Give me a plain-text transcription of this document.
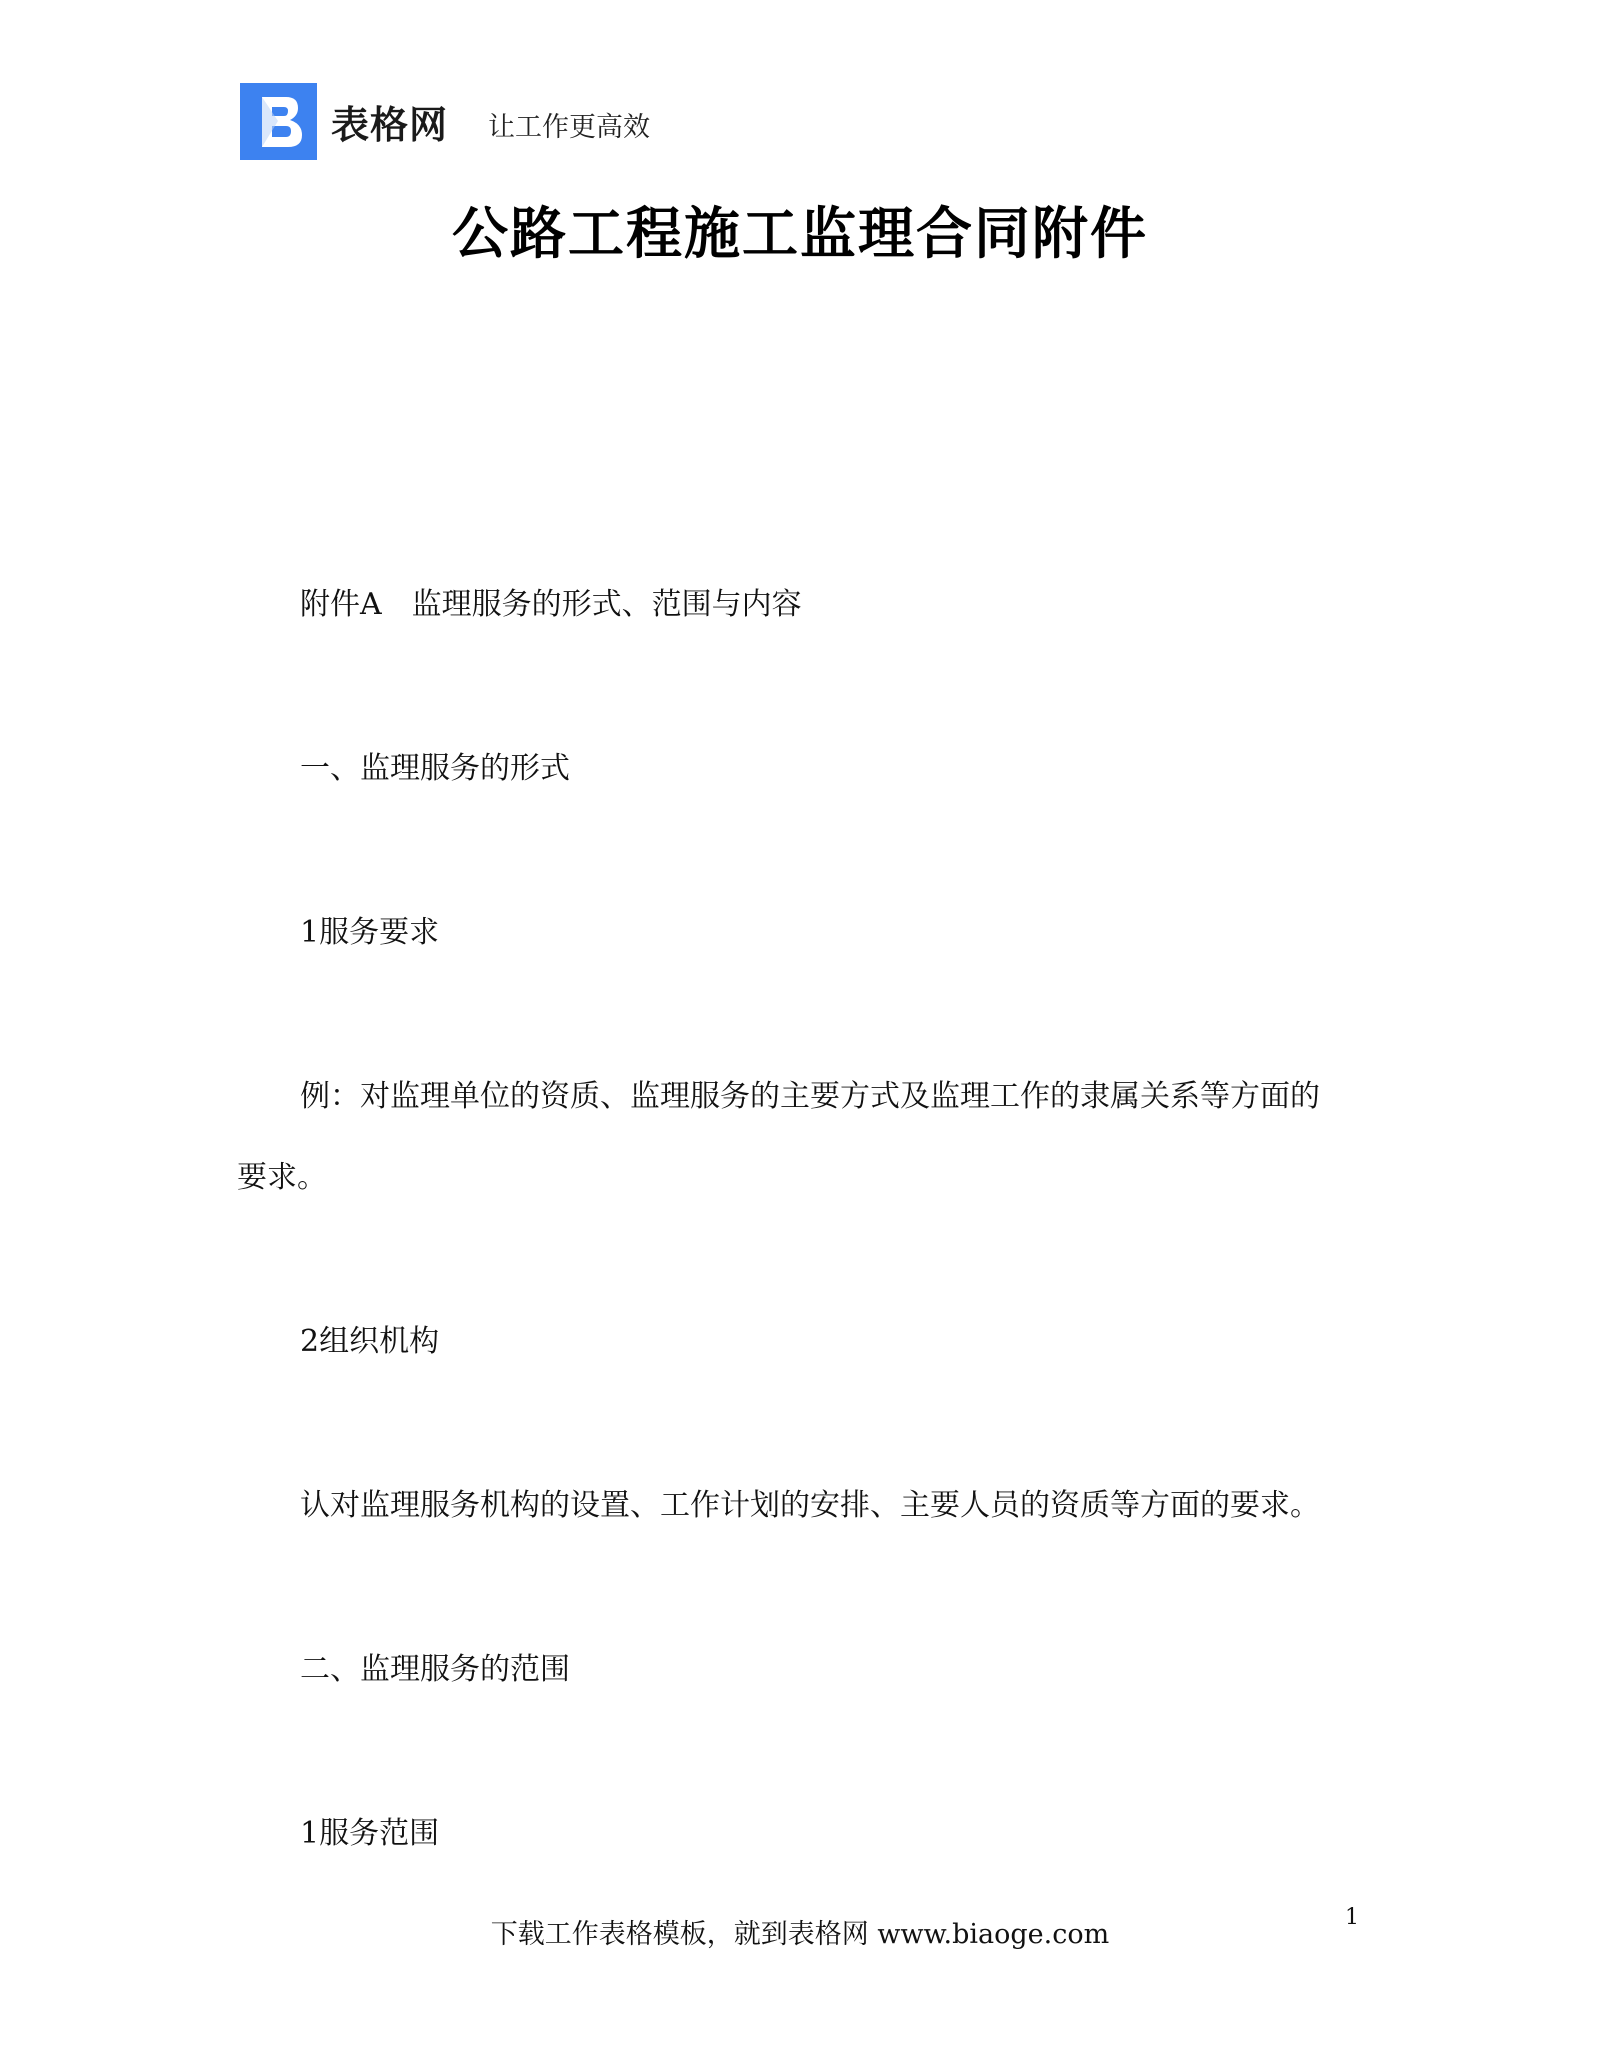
表格网 让工作更高效
公路工程施工监理合同附件

附件A　监理服务的形式、范围与内容

一、监理服务的形式

1服务要求

例：对监理单位的资质、监理服务的主要方式及监理工作的隶属关系等方面的

要求。

2组织机构

认对监理服务机构的设置、工作计划的安排、主要人员的资质等方面的要求。

二、监理服务的范围

1服务范围

下载工作表格模板，就到表格网 www.biaoge.com
1
